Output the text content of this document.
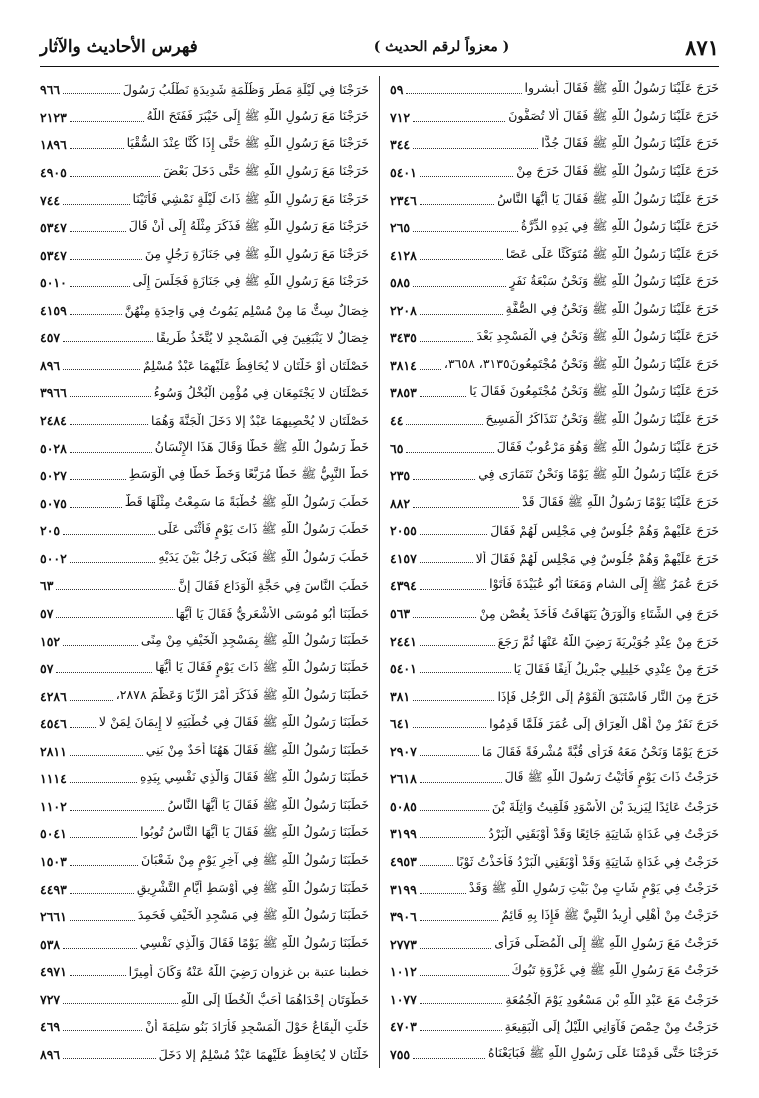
٨٧١
( معزواً لرقم الحديث )
فهرس الأحاديث والآثار
خَرَجَ عَلَيْنَا رَسُولُ اللَّهِ ﷺ فَقَالَ أبشروا
٥٩
خَرَجَ عَلَيْنَا رَسُولُ اللَّهِ ﷺ فَقَالَ ألا تُصَفُّونَ
٧١٢
خَرَجَ عَلَيْنَا رَسُولُ اللَّهِ ﷺ فَقَالَ جُدًّا
٣٤٤
خَرَجَ عَلَيْنَا رَسُولُ اللَّهِ ﷺ فَقَالَ خَرَجَ مِنْ
٥٤٠١
خَرَجَ عَلَيْنَا رَسُولُ اللَّهِ ﷺ فَقَالَ يَا أَيُّهَا النَّاسُ
٢٣٤٦
خَرَجَ عَلَيْنَا رَسُولُ اللَّهِ ﷺ فِي يَدِهِ الدِّرَّةُ
٢٦٥
خَرَجَ عَلَيْنَا رَسُولُ اللَّهِ ﷺ مُتَوَكِّئًا عَلَى عَصًا
٤١٢٨
خَرَجَ عَلَيْنَا رَسُولُ اللَّهِ ﷺ وَنَحْنُ سَبْعَةُ نَفَرٍ
٥٨٥
خَرَجَ عَلَيْنَا رَسُولُ اللَّهِ ﷺ وَنَحْنُ فِي الصُّفَّةِ
٢٢٠٨
خَرَجَ عَلَيْنَا رَسُولُ اللَّهِ ﷺ وَنَحْنُ فِي الْمَسْجِدِ بَعْدَ
٣٤٣٥
خَرَجَ عَلَيْنَا رَسُولُ اللَّهِ ﷺ وَنَحْنُ مُجْتَمِعُونَ٣١٣٥، ٣٦٥٨،
٣٨١٤
خَرَجَ عَلَيْنَا رَسُولُ اللَّهِ ﷺ وَنَحْنُ مُجْتَمِعُونَ فَقَالَ يَا
٣٨٥٣
خَرَجَ عَلَيْنَا رَسُولُ اللَّهِ ﷺ وَنَحْنُ نَتَذَاكَرُ الْمَسِيحَ
٤٤
خَرَجَ عَلَيْنَا رَسُولُ اللَّهِ ﷺ وَهُوَ مَرْعُوبٌ فَقَالَ
٦٥
خَرَجَ عَلَيْنَا رَسُولُ اللَّهِ ﷺ يَوْمًا وَنَحْنُ نَتَمَارَى فِي
٢٣٥
خَرَجَ عَلَيْنَا يَوْمًا رَسُولُ اللَّهِ ﷺ فَقَالَ قَدْ
٨٨٢
خَرَجَ عَلَيْهِمْ وَهُمْ جُلُوسٌ فِي مَجْلِسٍ لَهُمْ فَقَالَ
٢٠٥٥
خَرَجَ عَلَيْهِمْ وَهُمْ جُلُوسٌ فِي مَجْلِسٍ لَهُمْ فَقَالَ ألا
٤١٥٧
خَرَجَ عُمَرُ ﷺ إِلَى الشام وَمَعَنَا أَبُو عُبَيْدَةَ فَأَتَوْا
٤٣٩٤
خَرَجَ فِي الشِّتَاءِ وَالْوَرَقُ يَتَهَافَتُ فَأَخَذَ بِغُصْنٍ مِنْ
٥٦٣
خَرَجَ مِنْ عِنْدِ جُوَيْرِيَةَ رَضِيَ اللَّهُ عَنْهَا ثُمَّ رَجَعَ
٢٤٤١
خَرَجَ مِنْ عِنْدِي خَلِيلِي جِبْرِيلُ آنِفًا فَقَالَ يَا
٥٤٠١
خَرَجَ مِنَ النَّارِ فَاسْتَبَقَ الْقَوْمُ إِلَى الرَّجُلِ فَإِذَا
٣٨١
خَرَجَ نَفَرٌ مِنْ أَهْلِ الْعِرَاقِ إِلَى عُمَرَ فَلَمَّا قَدِمُوا
٦٤١
خَرَجَ يَوْمًا وَنَحْنُ مَعَهُ فَرَأَى قُبَّةً مُشْرِفَةً فَقَالَ مَا
٢٩٠٧
خَرَجْتُ ذَاتَ يَوْمٍ فَأَتَيْتُ رَسُولَ اللَّهِ ﷺ قَالَ
٢٦١٨
خَرَجْتُ عَائِدًا لِيَزِيدَ بْنِ الأَسْوَدِ فَلَقِيتُ وَاثِلَةَ بْنَ
٥٠٨٥
خَرَجْتُ فِي غَدَاةٍ شَاتِيَةٍ جَائِعًا وَقَدْ أَوْبَقَنِي الْبَرْدُ
٣١٩٩
خَرَجْتُ فِي غَدَاةٍ شَاتِيَةٍ وَقَدْ أَوْبَقَنِي الْبَرْدُ فَأَخَذْتُ ثَوْبًا
٤٩٥٣
خَرَجْتُ فِي يَوْمٍ شَاتٍ مِنْ بَيْتِ رَسُولِ اللَّهِ ﷺ وَقَدْ
٣١٩٩
خَرَجْتُ مِنْ أَهْلِي أُرِيدُ النَّبِيَّ ﷺ فَإِذَا بِهِ قَائِمٌ
٣٩٠٦
خَرَجْتُ مَعَ رَسُولِ اللَّهِ ﷺ إِلَى الْمُصَلَّى فَرَأَى
٢٧٧٣
خَرَجْتُ مَعَ رَسُولِ اللَّهِ ﷺ فِي غَزْوَةِ تَبُوكَ
١٠١٢
خَرَجْتُ مَعَ عَبْدِ اللَّهِ بْنِ مَسْعُودٍ يَوْمَ الْجُمُعَةِ
١٠٧٧
خَرَجْتُ مِنْ حِمْصَ فَآوَانِي اللَّيْلُ إِلَى الْبَقِيعَةِ
٤٧٠٣
خَرَجْنَا حَتَّى قَدِمْنَا عَلَى رَسُولِ اللَّهِ ﷺ فَبَايَعْنَاهُ
٧٥٥
خَرَجْنَا فِي لَيْلَةِ مَطَرٍ وَظُلْمَةٍ شَدِيدَةٍ نَطْلُبُ رَسُولَ
٩٦٦
خَرَجْنَا مَعَ رَسُولِ اللَّهِ ﷺ إِلَى خَيْبَرَ فَفَتَحَ اللَّهُ
٢١٢٣
خَرَجْنَا مَعَ رَسُولِ اللَّهِ ﷺ حَتَّى إِذَا كُنَّا عِنْدَ السُّقْيَا
١٨٩٦
خَرَجْنَا مَعَ رَسُولِ اللَّهِ ﷺ حَتَّى دَخَلَ بَعْضَ
٤٩٠٥
خَرَجْنَا مَعَ رَسُولِ اللَّهِ ﷺ ذَاتَ لَيْلَةٍ نَمْشِي فَأَتَيْنَا
٧٤٤
خَرَجْنَا مَعَ رَسُولِ اللَّهِ ﷺ فَذَكَرَ مِثْلَهُ إِلَى أَنْ قَالَ
٥٣٤٧
خَرَجْنَا مَعَ رَسُولِ اللَّهِ ﷺ فِي جَنَازَةِ رَجُلٍ مِنَ
٥٣٤٧
خَرَجْنَا مَعَ رَسُولِ اللَّهِ ﷺ فِي جَنَازَةٍ فَجَلَسَ إِلَى
٥٠١٠
خِصَالٌ سِتٌّ مَا مِنْ مُسْلِمٍ يَمُوتُ فِي وَاحِدَةٍ مِنْهُنَّ
٤١٥٩
خِصَالٌ لا يَنْبَغِينَ فِي الْمَسْجِدِ لا يُتَّخَذُ طَرِيقًا
٤٥٧
خَصْلَتَانِ أَوْ خَلَّتَانِ لا يُحَافِظُ عَلَيْهِمَا عَبْدٌ مُسْلِمٌ
٨٩٦
خَصْلَتَانِ لا يَجْتَمِعَانِ فِي مُؤْمِنٍ الْبُخْلُ وَسُوءُ
٣٩٦٦
خَصْلَتَانِ لا يُحْصِيهِمَا عَبْدٌ إِلا دَخَلَ الْجَنَّةَ وَهُمَا
٢٤٨٤
خَطَّ رَسُولُ اللَّهِ ﷺ خَطًّا وَقَالَ هَذَا الإِنْسَانُ
٥٠٢٨
خَطَّ النَّبِيُّ ﷺ خَطًّا مُرَبَّعًا وَخَطَّ خَطًّا فِي الْوَسَطِ
٥٠٢٧
خَطَبَ رَسُولُ اللَّهِ ﷺ خُطْبَةً مَا سَمِعْتُ مِثْلَهَا قَطُّ
٥٠٧٥
خَطَبَ رَسُولُ اللَّهِ ﷺ ذَاتَ يَوْمٍ فَأَثْنَى عَلَى
٢٠٥
خَطَبَ رَسُولُ اللَّهِ ﷺ فَبَكَى رَجُلٌ بَيْنَ يَدَيْهِ
٥٠٠٢
خَطَبَ النَّاسَ فِي حَجَّةِ الْوَدَاعِ فَقَالَ إِنَّ
٦٣
خَطَبَنَا أَبُو مُوسَى الأَشْعَرِيُّ فَقَالَ يَا أَيُّهَا
٥٧
خَطَبَنَا رَسُولُ اللَّهِ ﷺ بِمَسْجِدِ الْخَيْفِ مِنْ مِنًى
١٥٢
خَطَبَنَا رَسُولُ اللَّهِ ﷺ ذَاتَ يَوْمٍ فَقَالَ يَا أَيُّهَا
٥٧
خَطَبَنَا رَسُولُ اللَّهِ ﷺ فَذَكَرَ أَمْرَ الرِّبَا وَعَظَّمَ ٢٨٧٨،
٤٢٨٦
خَطَبَنَا رَسُولُ اللَّهِ ﷺ فَقَالَ فِي خُطْبَتِهِ لا إِيمَانَ لِمَنْ لا
٤٥٤٦
خَطَبَنَا رَسُولُ اللَّهِ ﷺ فَقَالَ هَهُنَا أَحَدٌ مِنْ بَنِي
٢٨١١
خَطَبَنَا رَسُولُ اللَّهِ ﷺ فَقَالَ وَالَّذِي نَفْسِي بِيَدِهِ
١١١٤
خَطَبَنَا رَسُولُ اللَّهِ ﷺ فَقَالَ يَا أَيُّهَا النَّاسُ
١١٠٢
خَطَبَنَا رَسُولُ اللَّهِ ﷺ فَقَالَ يَا أَيُّهَا النَّاسُ تُوبُوا
٥٠٤١
خَطَبَنَا رَسُولُ اللَّهِ ﷺ فِي آخِرِ يَوْمٍ مِنْ شَعْبَانَ
١٥٠٣
خَطَبَنَا رَسُولُ اللَّهِ ﷺ فِي أَوْسَطِ أَيَّامِ التَّشْرِيقِ
٤٤٩٣
خَطَبَنَا رَسُولُ اللَّهِ ﷺ فِي مَسْجِدِ الْخَيْفِ فَحَمِدَ
٢٦٦١
خَطَبَنَا رَسُولُ اللَّهِ ﷺ يَوْمًا فَقَالَ وَالَّذِي نَفْسِي
٥٣٨
خطبنا عتبة بن غزوان رَضِيَ اللَّهُ عَنْهُ وَكَانَ أَمِيرًا
٤٩٧١
خَطْوَتَانِ إِحْدَاهُمَا أَحَبُّ الْخُطَا إِلَى اللَّهِ
٧٢٧
خَلَتِ الْبِقَاعُ حَوْلَ الْمَسْجِدِ فَأَرَادَ بَنُو سَلِمَةَ أَنْ
٤٦٩
خَلَّتَانِ لا يُحَافِظُ عَلَيْهِمَا عَبْدٌ مُسْلِمٌ إِلا دَخَلَ
٨٩٦
